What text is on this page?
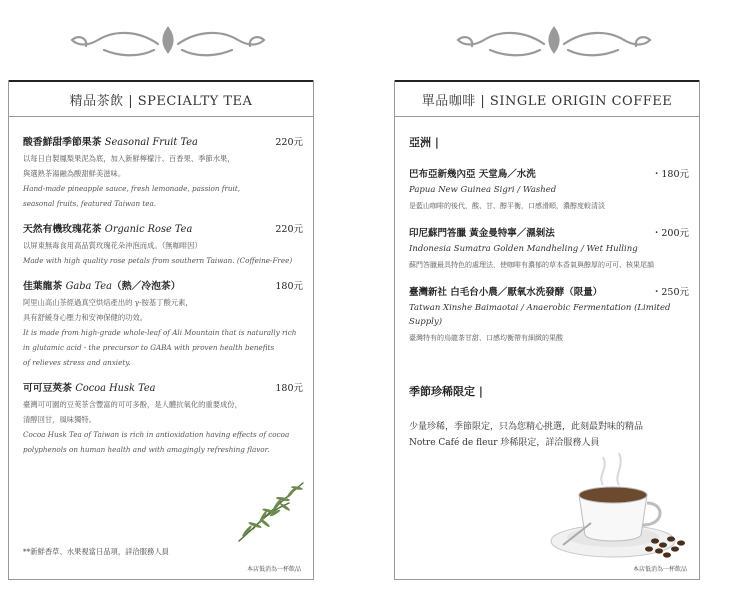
精品茶飲 | SPECIALTY TEA
酸香鮮甜季節果茶 Seasonal Fruit Tea	220元
以每日自製鳳梨果泥為底，加入新鮮檸檬汁、百香果、季節水果，
與選熟茶湯融為酸甜鮮美滋味。
Hand-made pineapple sauce, fresh lemonade, passion fruit,
seasonal fruits, featured Taiwan tea.
天然有機玫瑰花茶 Organic Rose Tea	220元
以屏東無毒食用高品質玫瑰花朵沖泡而成。（無咖啡因）
Made with high quality rose petals from southern Taiwan. (Coffeine-Free)
佳葉龍茶 Gaba Tea（熱／冷泡茶）	180元
阿里山高山茶經過真空烘焙產出的 γ-胺基丁酸元素，
具有舒緩身心壓力和安神保健的功效。
It is made from high-grade whole-leaf of Ali Mountain that is naturally rich
in glutamic acid - the precursor to GABA with proven health benefits
of relieves stress and anxiety.
可可豆莢茶 Cocoa Husk Tea	180元
臺灣可可園的豆莢茶含豐富的可可多酚，是人體抗氧化的重要成份，
清醇回甘，風味獨特。
Cocoa Husk Tea of Taiwan is rich in antioxidation having effects of cocoa
polyphenols on human health and with amagingly refreshing flavor.
**新鮮香草、水果視當日品項，詳洽服務人員
本店低消為一杯飲品
單品咖啡 | SINGLE ORIGIN COFFEE
亞洲 |
巴布亞新幾內亞 天堂鳥／水洗	・180元
Papua New Guinea Sigri / Washed
是藍山咖啡的後代，酸、甘、醇平衡，口感滑順，濃醇度較清淡
印尼蘇門答臘 黃金曼特寧／濕剝法	・200元
Indonesia Sumatra Golden Mandheling / Wet Hulling
蘇門答臘最具特色的處理法，使咖啡有濃郁的草本香氣與醇厚的可可、核果尾韻
臺灣新社 白毛台小農／厭氧水洗發酵（限量）	・250元
Tatwan Xinshe Baimaotai / Anaerobic Fermentation (Limited Supply)
臺灣特有的烏龍茶甘甜、口感均衡帶有細緻的果酸
季節珍稀限定 |
少量珍稀，季節限定，只為您精心挑選，此刻最對味的精品
Notre Café de fleur 珍稀限定，詳洽服務人員
本店低消為一杯飲品
